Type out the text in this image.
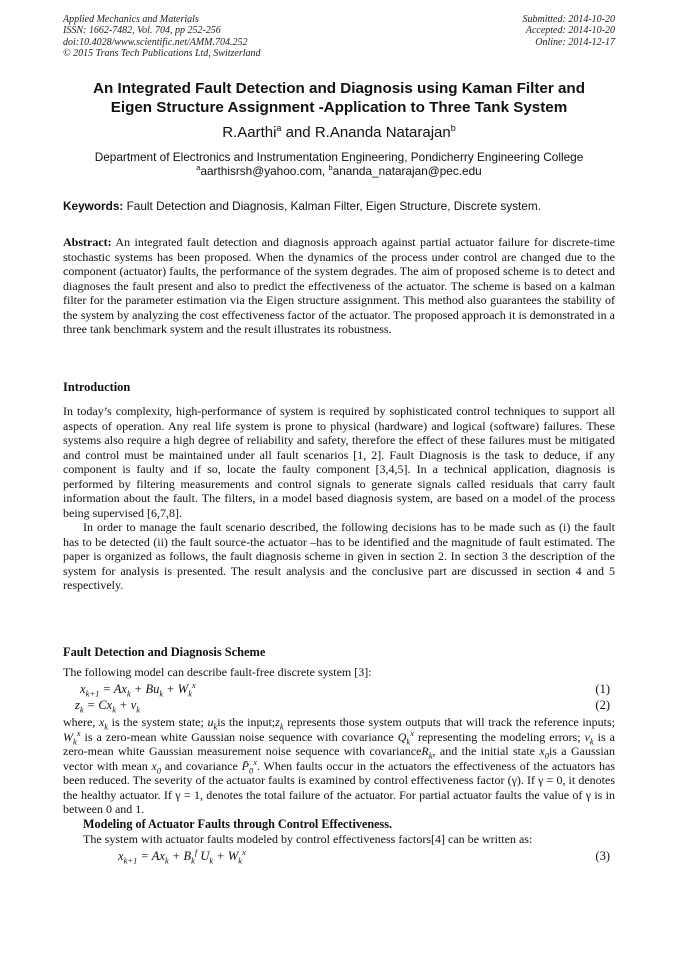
Applied Mechanics and Materials
ISSN: 1662-7482, Vol. 704, pp 252-256
doi:10.4028/www.scientific.net/AMM.704.252
© 2015 Trans Tech Publications Ltd, Switzerland
Submitted: 2014-10-20
Accepted: 2014-10-20
Online: 2014-12-17
An Integrated Fault Detection and Diagnosis using Kaman Filter and
Eigen Structure Assignment -Application to Three Tank System
R.Aarthi$^a$ and R.Ananda Natarajan$^b$
Department of Electronics and Instrumentation Engineering, Pondicherry Engineering College
$^a$aarthisrsh@yahoo.com, $^b$ananda_natarajan@pec.edu
Keywords: Fault Detection and Diagnosis, Kalman Filter, Eigen Structure, Discrete system.
Abstract: An integrated fault detection and diagnosis approach against partial actuator failure for discrete-time stochastic systems has been proposed. When the dynamics of the process under control are changed due to the component (actuator) faults, the performance of the system degrades. The aim of proposed scheme is to detect and diagnoses the fault present and also to predict the effectiveness of the actuator. The scheme is based on a kalman filter for the parameter estimation via the Eigen structure assignment. This method also guarantees the stability of the system by analyzing the cost effectiveness factor of the actuator. The proposed approach it is demonstrated in a three tank benchmark system and the result illustrates its robustness.
Introduction

In today’s complexity, high-performance of system is required by sophisticated control techniques to support all aspects of operation. Any real life system is prone to physical (hardware) and logical (software) failures. These systems also require a high degree of reliability and safety, therefore the effect of these failures must be mitigated and control must be maintained under all fault scenarios [1, 2]. Fault Diagnosis is the task to deduce, if any component is faulty and if so, locate the faulty component [3,4,5]. In a technical application, diagnosis is performed by filtering measurements and control signals to generate signals called residuals that carry fault information about the fault. The filters, in a model based diagnosis system, are based on a model of the process being supervised [6,7,8].

In order to manage the fault scenario described, the following decisions has to be made such as (i) the fault has to be detected (ii) the fault source-the actuator –has to be identified and the magnitude of fault estimated. The paper is organized as follows, the fault diagnosis scheme in given in section 2. In section 3 the description of the system for analysis is presented. The result analysis and the conclusive part are discussed in section 4 and 5 respectively.

Fault Detection and Diagnosis Scheme
The following model can describe fault-free discrete system [3]:
$x_{k+1} = Ax_k + Bu_k + W_k^x$	(1)
$z_k = Cx_k + v_k$	(2)
where, $x_k$ is the system state; $u_kis$ the $input;z_k$ represents those system outputs that will track the reference inputs; $W_k^x$ is a zero-mean white Gaussian noise sequence with covariance $Q_k^x$ representing the modeling errors; $v_k$ is a zero-mean white Gaussian measurement noise sequence with covarianceR$_k$, and the initial state $x_0is$ a Gaussian vector with mean $x_0$ and covariance $P̄_0^x$. When faults occur in the actuators the effectiveness of the actuators has been reduced. The severity of the actuator faults is examined by control effectiveness factor (γ). If γ = 0, it denotes the healthy actuator. If γ = 1, denotes the total failure of the actuator. For partial actuator faults the value of γ is in between 0 and 1.
Modeling of Actuator Faults through Control Effectiveness.
The system with actuator faults modeled by control effectiveness factors[4] can be written as:
$x_{k+1} = Ax_k + B_k^f$ $U_k + W_k^x$	(3)
